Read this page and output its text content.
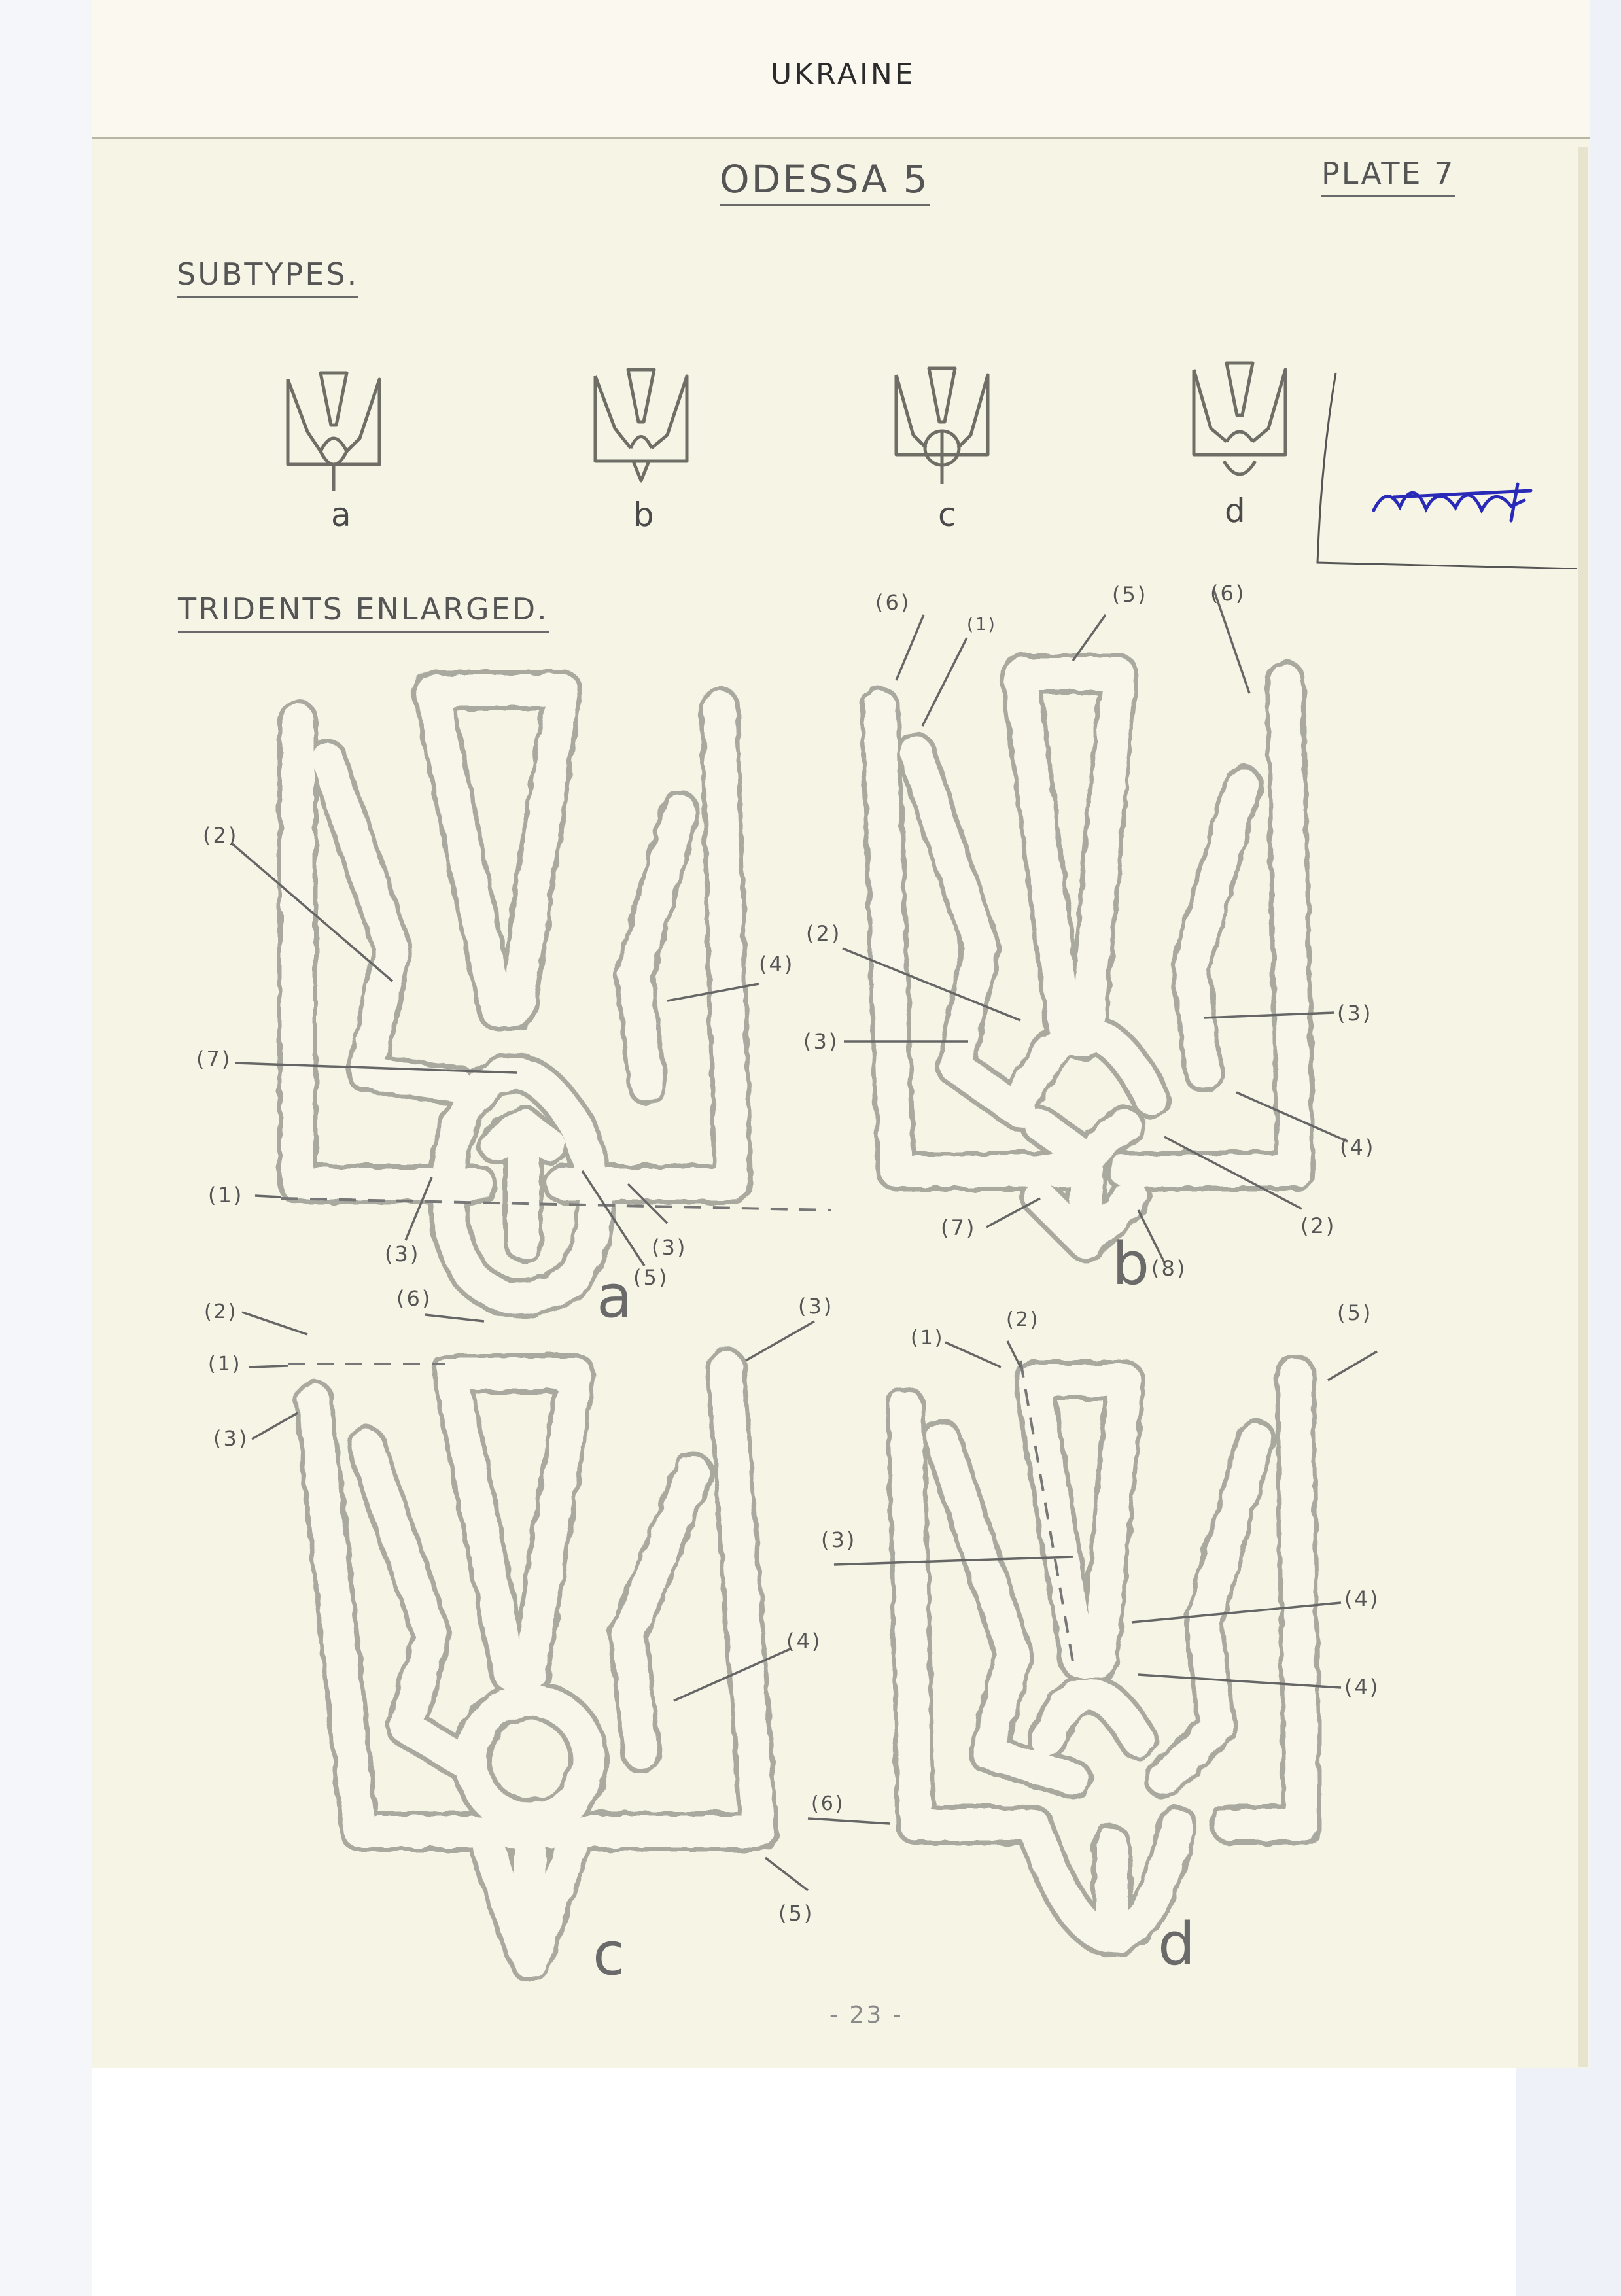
UKRAINE
ODESSA 5	PLATE 7
SUBTYPES.
TRIDENTS ENLARGED.
a	b	c	d
(2)
(4)
(7)
(1)
(3)	(3)
(5)
(6)
(6)
(1)
(5)	(6)
(2)
(3)
(3)
(4)
(2)
(7)
(8)
(2)
(1)
(3)
(3)
(4)
(5)
(1)
(2)	(5)
(3)
(4)
(4)
(6)
a	b
c	d
- 23 -
